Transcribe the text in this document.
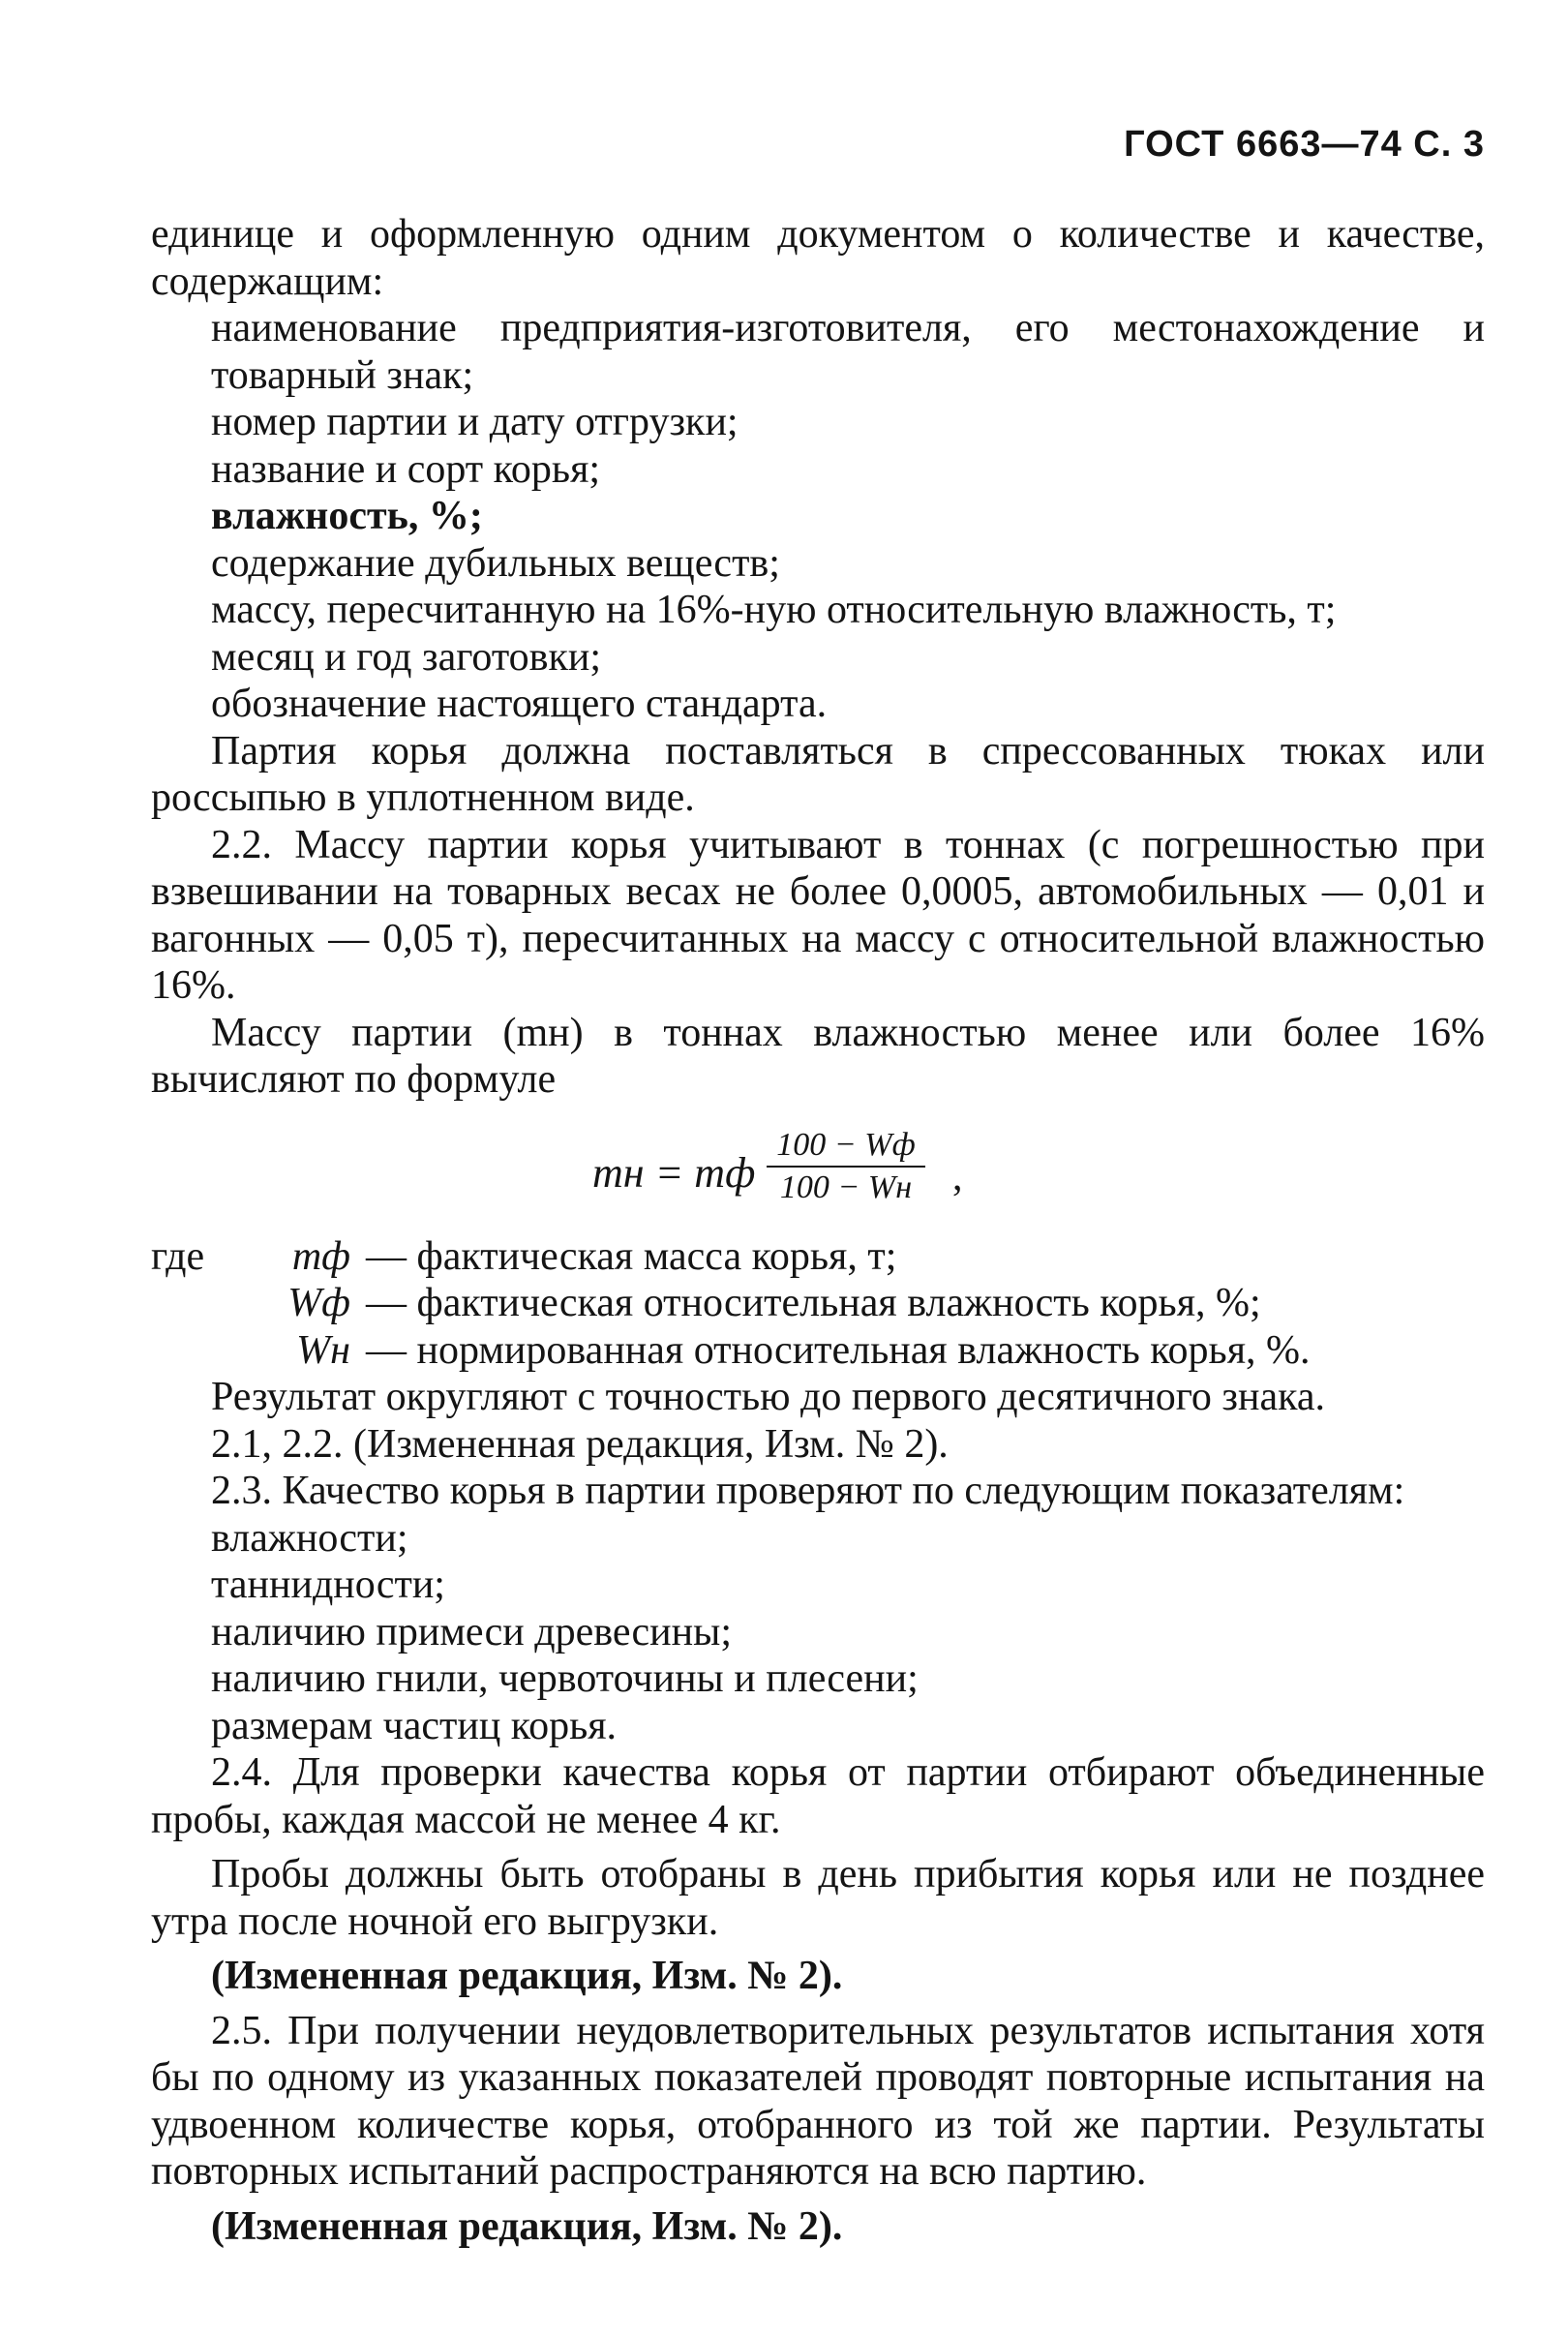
ГОСТ 6663—74 С. 3

единице и оформленную одним документом о количестве и качестве, содержащим:

наименование предприятия-изготовителя, его местонахождение и товарный знак;

номер партии и дату отгрузки;

название и сорт корья;

влажность, %;

содержание дубильных веществ;

массу, пересчитанную на 16%-ную относительную влажность, т;

месяц и год заготовки;

обозначение настоящего стандарта.

Партия корья должна поставляться в спрессованных тюках или россыпью в уплотненном виде.

2.2. Массу партии корья учитывают в тоннах (с погрешностью при взвешивании на товарных весах не более 0,0005, автомобильных — 0,01 и вагонных — 0,05 т), пересчитанных на массу с относительной влажностью 16%.

Массу партии (mн) в тоннах влажностью менее или более 16% вычисляют по формуле

mн = mф
100 − Wф
100 − Wн ,
где	mф — фактическая масса корья, т;
Wф — фактическая относительная влажность корья, %;
Wн — нормированная относительная влажность корья, %.

Результат округляют с точностью до первого десятичного знака.

2.1, 2.2. (Измененная редакция, Изм. № 2).

2.3. Качество корья в партии проверяют по следующим показателям:

влажности;

таннидности;

наличию примеси древесины;

наличию гнили, червоточины и плесени;

размерам частиц корья.

2.4. Для проверки качества корья от партии отбирают объединенные пробы, каждая массой не менее 4 кг.

Пробы должны быть отобраны в день прибытия корья или не позднее утра после ночной его выгрузки.

(Измененная редакция, Изм. № 2).

2.5. При получении неудовлетворительных результатов испытания хотя бы по одному из указанных показателей проводят повторные испытания на удвоенном количестве корья, отобранного из той же партии. Результаты повторных испытаний распространяются на всю партию.

(Измененная редакция, Изм. № 2).
